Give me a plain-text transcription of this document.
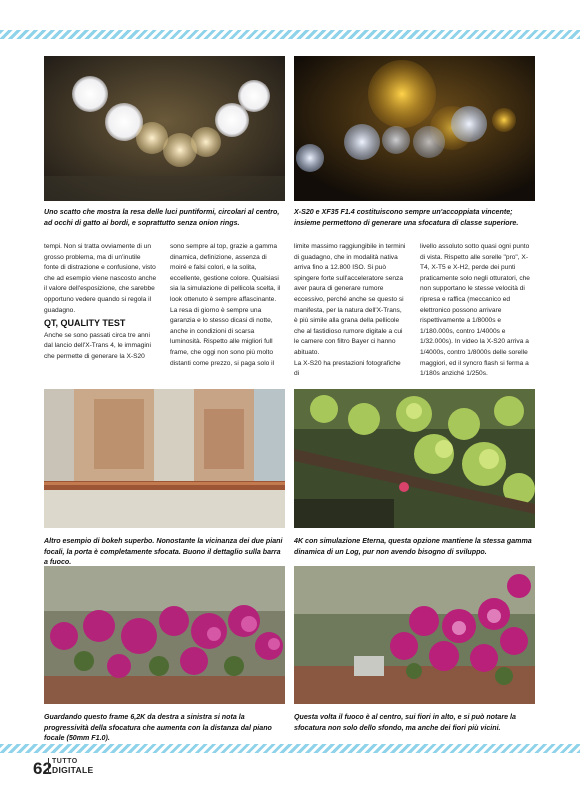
Uno scatto che mostra la resa delle luci puntiformi, circolari al centro, ad occhi di gatto ai bordi, e soprattutto senza onion rings.
X-S20 e XF35 F1.4 costituiscono sempre un'accoppiata vincente; insieme permettono di generare una sfocatura di classe superiore.

tempi. Non si tratta ovviamente di un grosso problema, ma di un'inutile fonte di distrazione e confusione, visto che ad esempio viene nascosto anche il valore dell'esposizione, che sarebbe opportuno vedere quando si regola il guadagno.

QT, QUALITY TEST

Anche se sono passati circa tre anni dal lancio dell'X-Trans 4, le immagini che permette di generare la X-S20

sono sempre al top, grazie a gamma dinamica, definizione, assenza di moiré e falsi colori, e la solita, eccellente, gestione colore. Qualsiasi sia la simulazione di pellicola scelta, il look ottenuto è sempre affascinante.

La resa di giorno è sempre una garanzia e lo stesso dicasi di notte, anche in condizioni di scarsa luminosità. Rispetto alle migliori full frame, che oggi non sono più molto distanti come prezzo, si paga solo il

limite massimo raggiungibile in termini di guadagno, che in modalità nativa arriva fino a 12.800 ISO. Si può spingere forte sull'acceleratore senza aver paura di generare rumore eccessivo, perché anche se questo si manifesta, per la natura dell'X-Trans, è più simile alla grana della pellicole che al fastidioso rumore digitale a cui le camere con filtro Bayer ci hanno abituato.

La X-S20 ha prestazioni fotografiche di

livello assoluto sotto quasi ogni punto di vista. Rispetto alle sorelle "pro", X-T4, X-T5 e X-H2, perde dei punti praticamente solo negli otturatori, che non supportano le stesse velocità di ripresa e raffica (meccanico ed elettronico possono arrivare rispettivamente a 1/8000s e 1/180.000s, contro 1/4000s e 1/32.000s). In video la X-S20 arriva a 1/4000s, contro 1/8000s delle sorelle maggiori, ed il syncro flash si ferma a 1/180s anziché 1/250s.

Altro esempio di bokeh superbo. Nonostante la vicinanza dei due piani focali, la porta è completamente sfocata. Buono il dettaglio sulla barra a fuoco.
4K con simulazione Eterna, questa opzione mantiene la stessa gamma dinamica di un Log, pur non avendo bisogno di sviluppo.
Guardando questo frame 6,2K da destra a sinistra si nota la progressività della sfocatura che aumenta con la distanza dal piano focale (50mm F1.0).
Questa volta il fuoco è al centro, sui fiori in alto, e si può notare la sfocatura non solo dello sfondo, ma anche dei fiori più vicini.
62 TUTTO
DIGITALE
